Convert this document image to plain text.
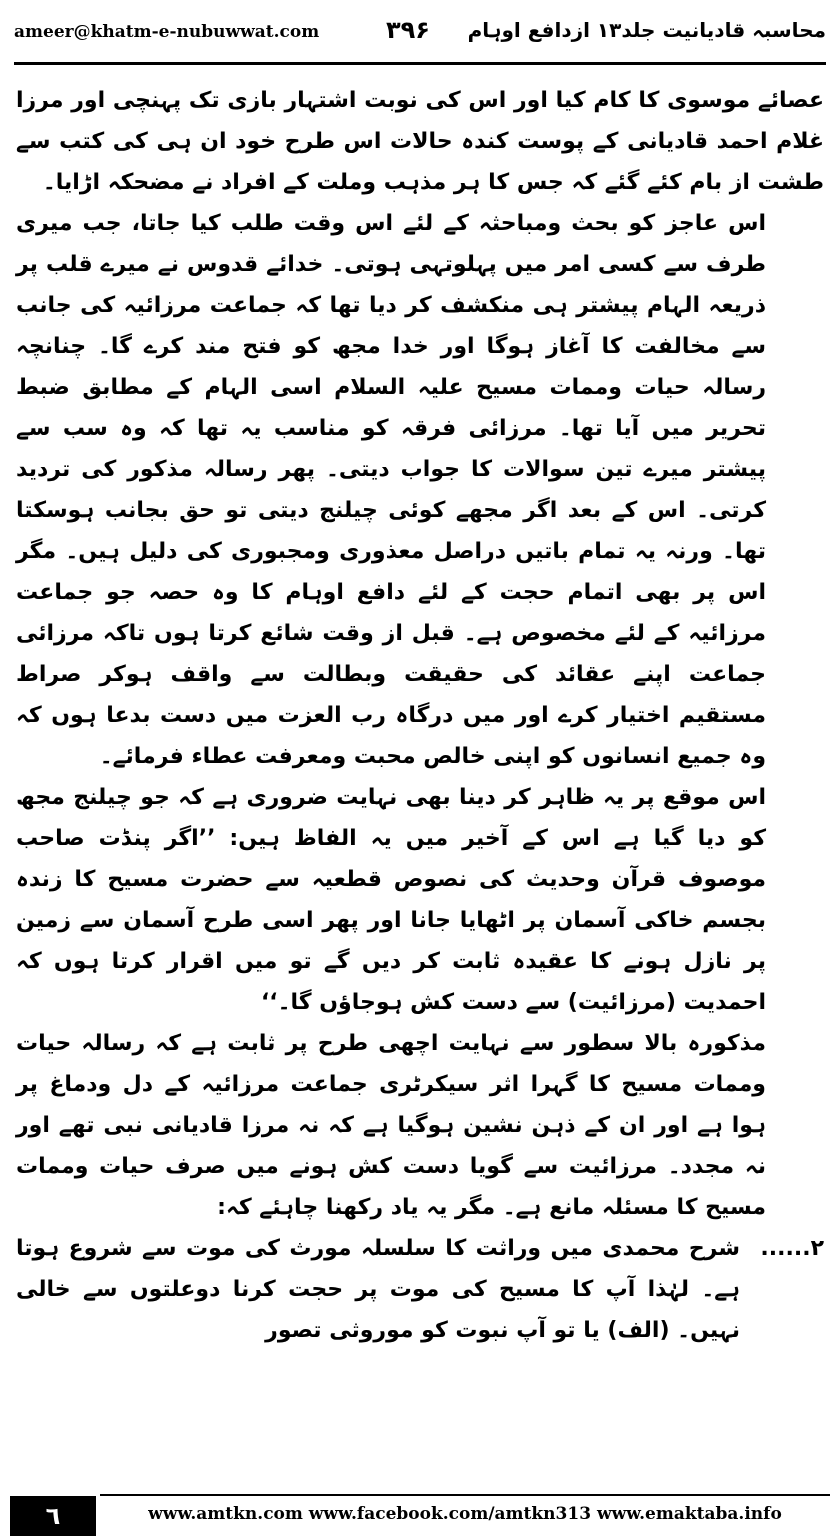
ameer@khatm-e-nubuwwat.com	۳۹۶ محاسبہ قادیانیت جلد۱۳ ازدافع اوہام

عصائے موسوی کا کام کیا اور اس کی نوبت اشتہار بازی تک پہنچی اور مرزا غلام احمد قادیانی کے پوست کندہ حالات اس طرح خود ان ہی کی کتب سے طشت از بام کئے گئے کہ جس کا ہر مذہب وملت کے افراد نے مضحکہ اڑایا۔

اس عاجز کو بحث ومباحثہ کے لئے اس وقت طلب کیا جاتا، جب میری طرف سے کسی امر میں پہلوتہی ہوتی۔ خدائے قدوس نے میرے قلب پر ذریعہ الہام پیشتر ہی منکشف کر دیا تھا کہ جماعت مرزائیہ کی جانب سے مخالفت کا آغاز ہوگا اور خدا مجھ کو فتح مند کرے گا۔ چنانچہ رسالہ حیات وممات مسیح علیہ السلام اسی الہام کے مطابق ضبط تحریر میں آیا تھا۔ مرزائی فرقہ کو مناسب یہ تھا کہ وہ سب سے پیشتر میرے تین سوالات کا جواب دیتی۔ پھر رسالہ مذکور کی تردید کرتی۔ اس کے بعد اگر مجھے کوئی چیلنج دیتی تو حق بجانب ہوسکتا تھا۔ ورنہ یہ تمام باتیں دراصل معذوری ومجبوری کی دلیل ہیں۔ مگر اس پر بھی اتمام حجت کے لئے دافع اوہام کا وہ حصہ جو جماعت مرزائیہ کے لئے مخصوص ہے۔ قبل از وقت شائع کرتا ہوں تاکہ مرزائی جماعت اپنے عقائد کی حقیقت وبطالت سے واقف ہوکر صراط مستقیم اختیار کرے اور میں درگاہ رب العزت میں دست بدعا ہوں کہ وہ جمیع انسانوں کو اپنی خالص محبت ومعرفت عطاء فرمائے۔

اس موقع پر یہ ظاہر کر دینا بھی نہایت ضروری ہے کہ جو چیلنج مجھ کو دیا گیا ہے اس کے آخیر میں یہ الفاظ ہیں: ’’اگر پنڈت صاحب موصوف قرآن وحدیث کی نصوص قطعیہ سے حضرت مسیح کا زندہ بجسم خاکی آسمان پر اٹھایا جانا اور پھر اسی طرح آسمان سے زمین پر نازل ہونے کا عقیدہ ثابت کر دیں گے تو میں اقرار کرتا ہوں کہ احمدیت (مرزائیت) سے دست کش ہوجاؤں گا۔‘‘

مذکورہ بالا سطور سے نہایت اچھی طرح پر ثابت ہے کہ رسالہ حیات وممات مسیح کا گہرا اثر سیکرٹری جماعت مرزائیہ کے دل ودماغ پر ہوا ہے اور ان کے ذہن نشین ہوگیا ہے کہ نہ مرزا قادیانی نبی تھے اور نہ مجدد۔ مرزائیت سے گویا دست کش ہونے میں صرف حیات وممات مسیح کا مسئلہ مانع ہے۔ مگر یہ یاد رکھنا چاہئے کہ:

۲......
شرح محمدی میں وراثت کا سلسلہ مورث کی موت سے شروع ہوتا ہے۔ لہٰذا آپ کا مسیح کی موت پر حجت کرنا دوعلتوں سے خالی نہیں۔ (الف) یا تو آپ نبوت کو موروثی تصور
٦	www.amtkn.com www.facebook.com/amtkn313 www.emaktaba.info
